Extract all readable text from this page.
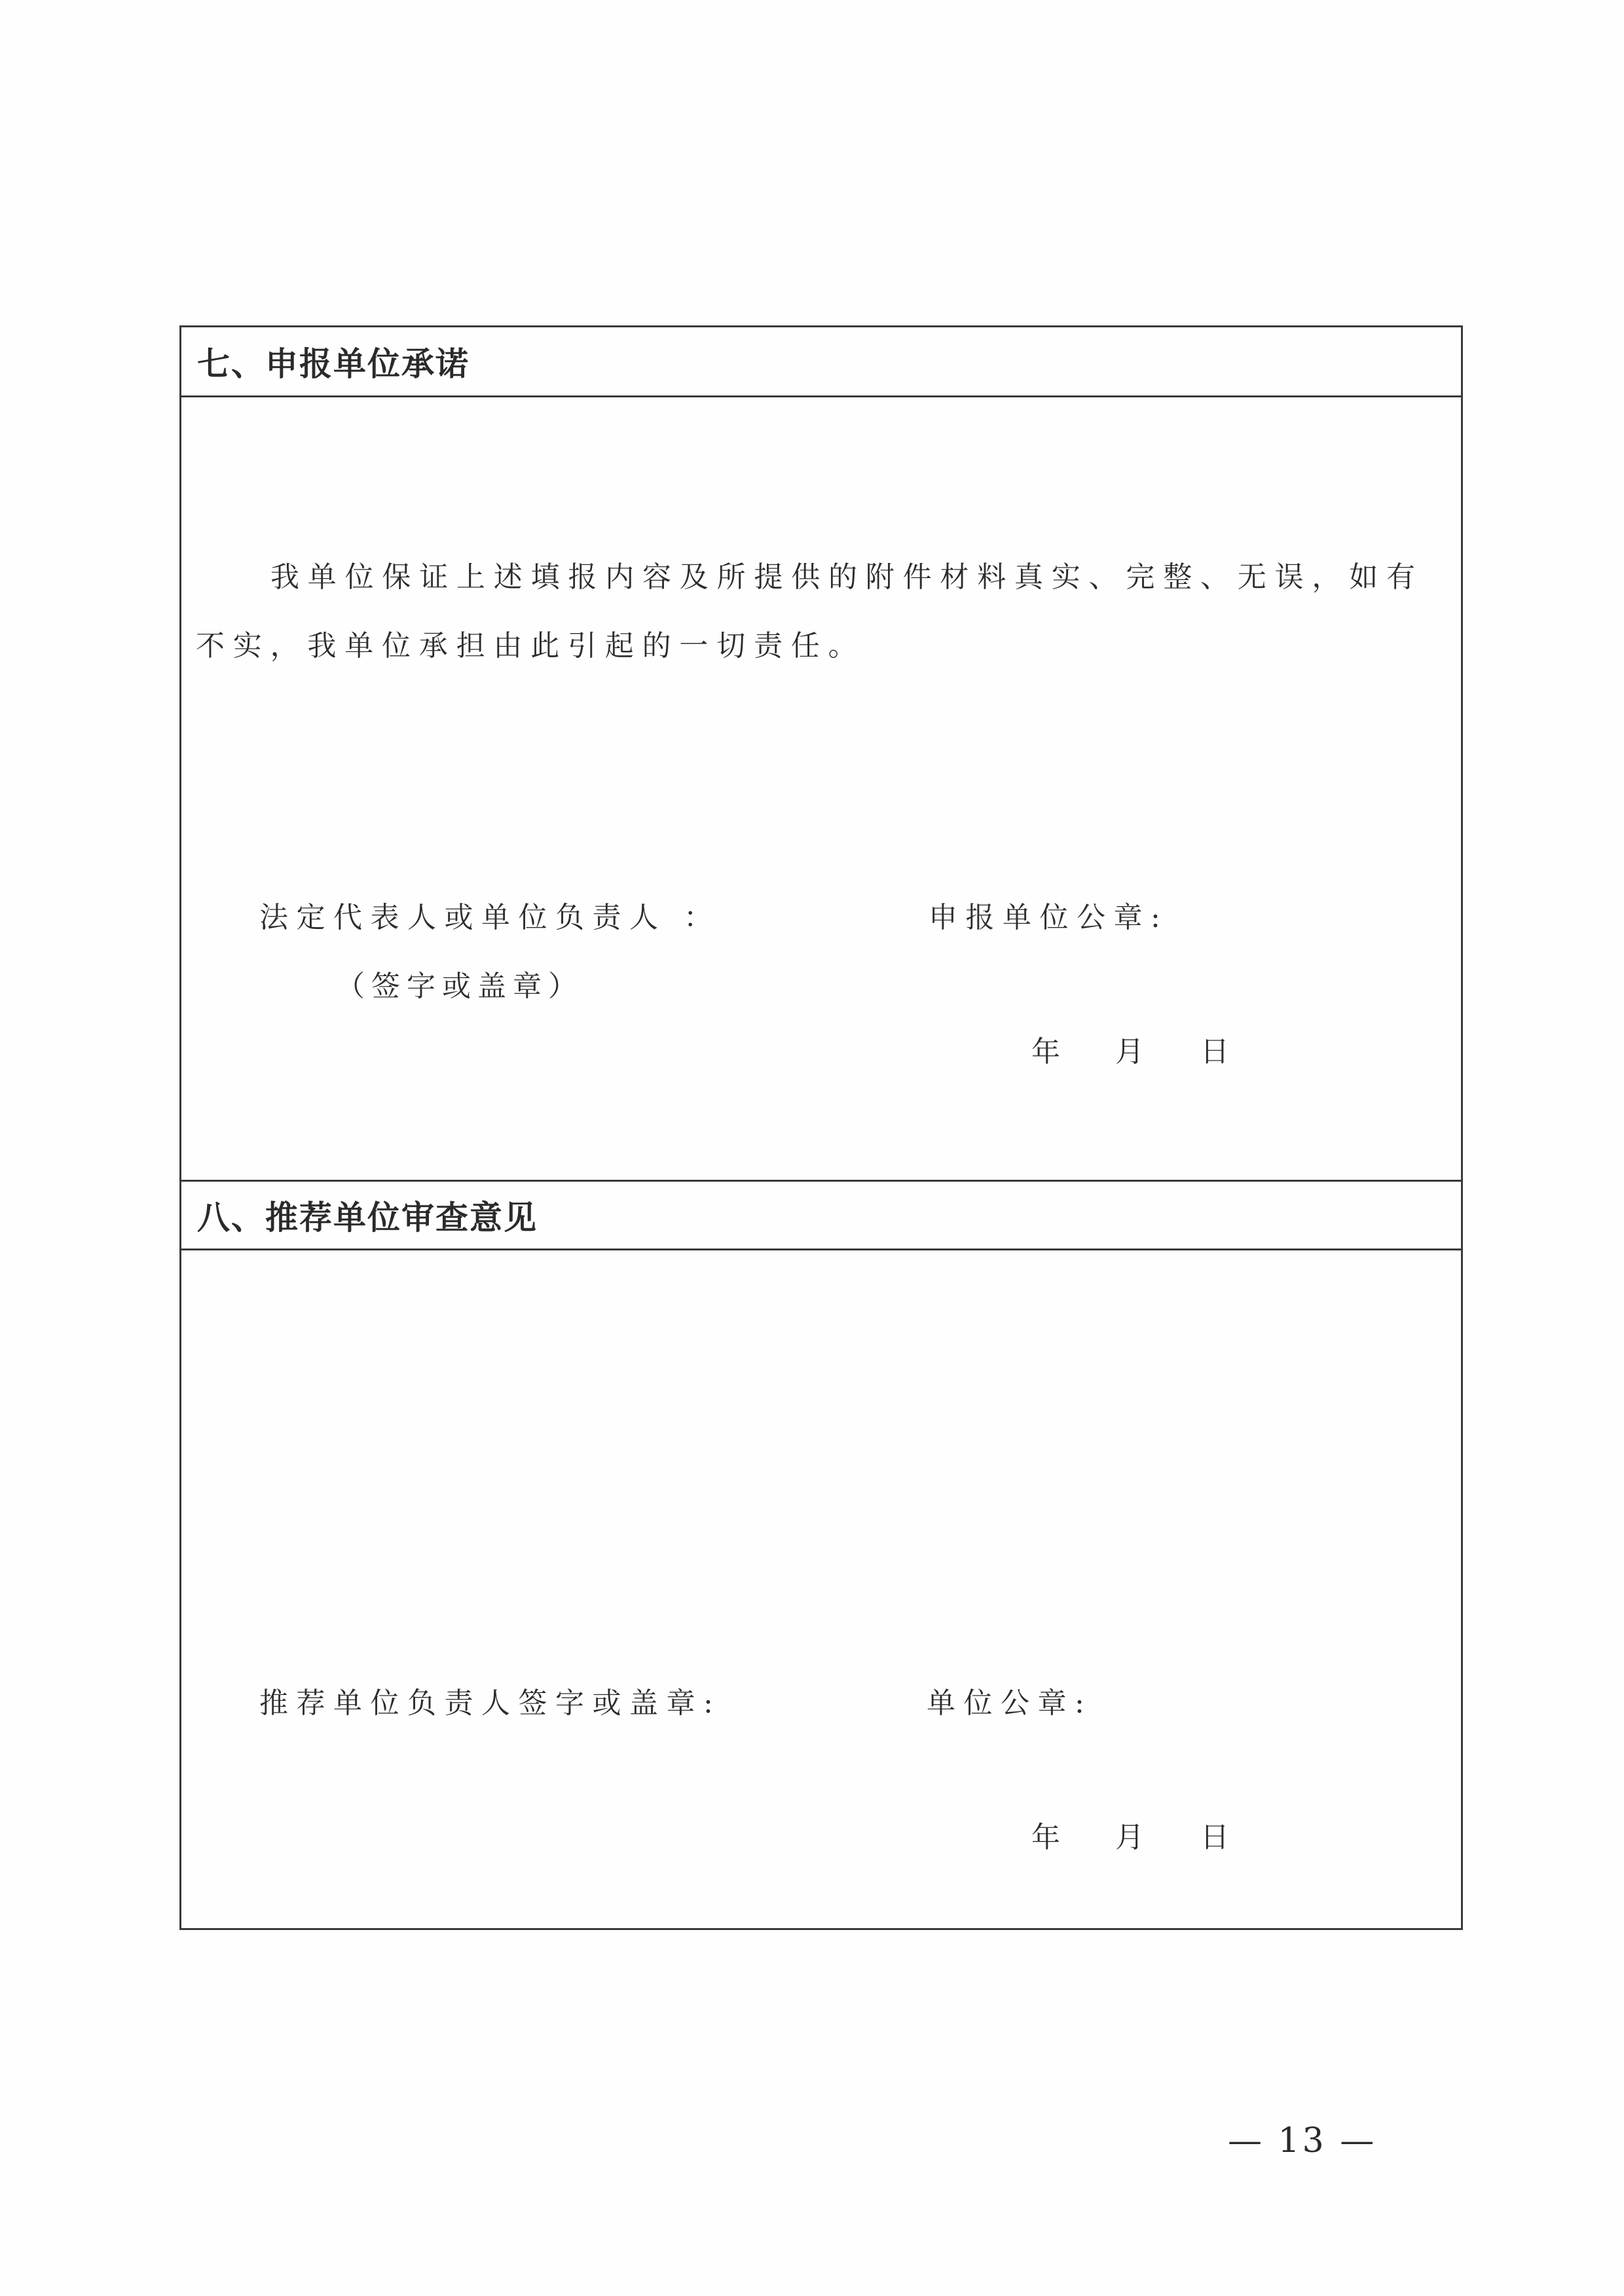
七、申报单位承诺
我单位保证上述填报内容及所提供的附件材料真实、完整、无误，如有不实，我单位承担由此引起的一切责任。
法定代表人或单位负责人 ：	申报单位公章:
（签字或盖章）
年 月 日
八、推荐单位审查意见
推荐单位负责人签字或盖章:	单位公章:
年 月 日
— 13 —
